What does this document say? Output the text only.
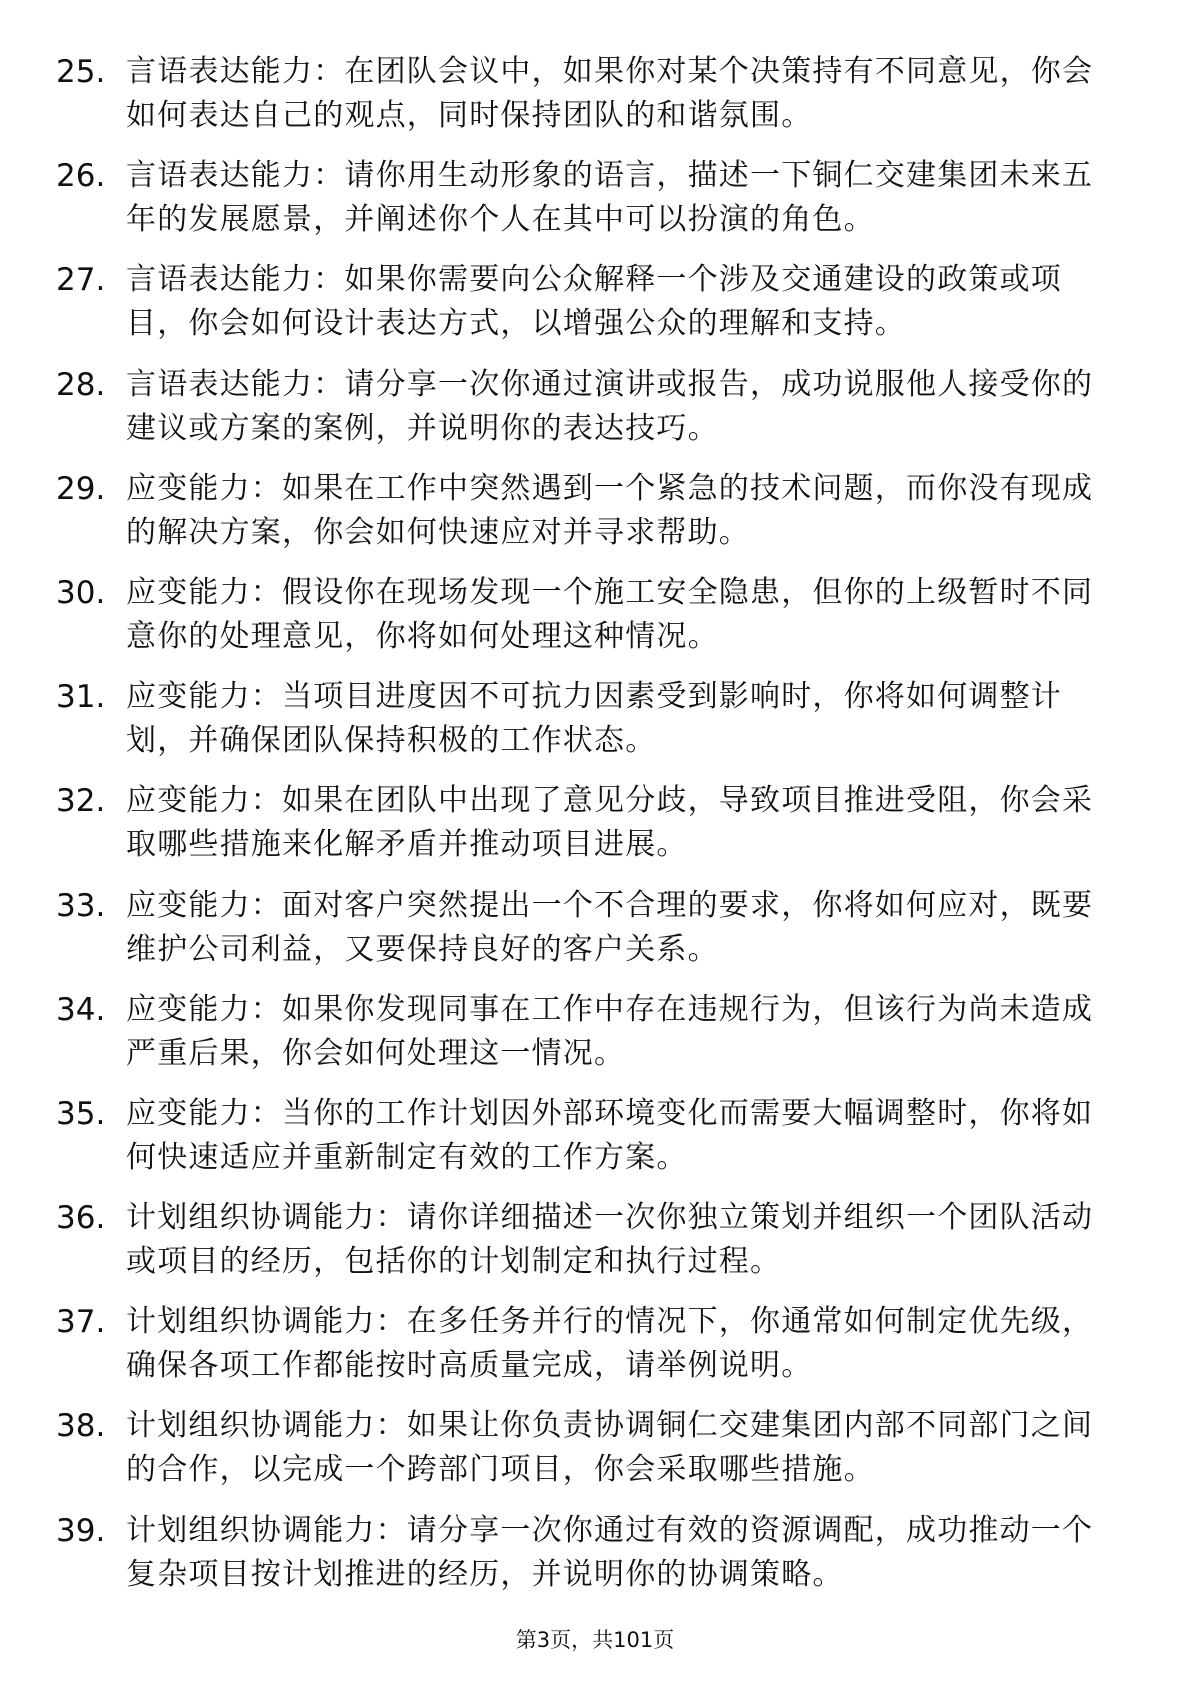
25. 言语表达能力：在团队会议中，如果你对某个决策持有不同意见，你会如何表达自己的观点，同时保持团队的和谐氛围。
26. 言语表达能力：请你用生动形象的语言，描述一下铜仁交建集团未来五年的发展愿景，并阐述你个人在其中可以扮演的角色。
27. 言语表达能力：如果你需要向公众解释一个涉及交通建设的政策或项目，你会如何设计表达方式，以增强公众的理解和支持。
28. 言语表达能力：请分享一次你通过演讲或报告，成功说服他人接受你的建议或方案的案例，并说明你的表达技巧。
29. 应变能力：如果在工作中突然遇到一个紧急的技术问题，而你没有现成的解决方案，你会如何快速应对并寻求帮助。
30. 应变能力：假设你在现场发现一个施工安全隐患，但你的上级暂时不同意你的处理意见，你将如何处理这种情况。
31. 应变能力：当项目进度因不可抗力因素受到影响时，你将如何调整计划，并确保团队保持积极的工作状态。
32. 应变能力：如果在团队中出现了意见分歧，导致项目推进受阻，你会采取哪些措施来化解矛盾并推动项目进展。
33. 应变能力：面对客户突然提出一个不合理的要求，你将如何应对，既要维护公司利益，又要保持良好的客户关系。
34. 应变能力：如果你发现同事在工作中存在违规行为，但该行为尚未造成严重后果，你会如何处理这一情况。
35. 应变能力：当你的工作计划因外部环境变化而需要大幅调整时，你将如何快速适应并重新制定有效的工作方案。
36. 计划组织协调能力：请你详细描述一次你独立策划并组织一个团队活动或项目的经历，包括你的计划制定和执行过程。
37. 计划组织协调能力：在多任务并行的情况下，你通常如何制定优先级，确保各项工作都能按时高质量完成，请举例说明。
38. 计划组织协调能力：如果让你负责协调铜仁交建集团内部不同部门之间的合作，以完成一个跨部门项目，你会采取哪些措施。
39. 计划组织协调能力：请分享一次你通过有效的资源调配，成功推动一个复杂项目按计划推进的经历，并说明你的协调策略。
第3页，共101页
